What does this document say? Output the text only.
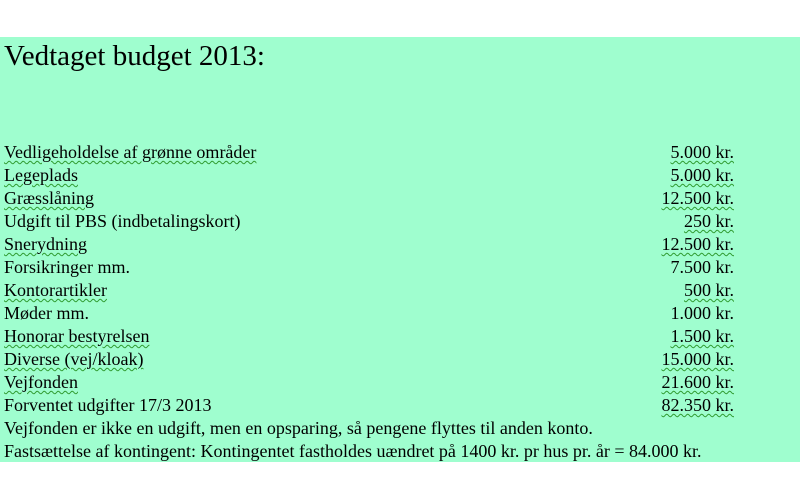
Vedtaget budget 2013:
Vedligeholdelse af grønne områder	5.000 kr.
Legeplads	5.000 kr.
Græsslåning	12.500 kr.
Udgift til PBS (indbetalingskort)	250 kr.
Snerydning	12.500 kr.
Forsikringer mm.	7.500 kr.
Kontorartikler	500 kr.
Møder mm.	1.000 kr.
Honorar bestyrelsen	1.500 kr.
Diverse (vej/kloak)	15.000 kr.
Vejfonden	21.600 kr.
Forventet udgifter 17/3 2013	82.350 kr.
Vejfonden er ikke en udgift, men en opsparing, så pengene flyttes til anden konto.
Fastsættelse af kontingent: Kontingentet fastholdes uændret på 1400 kr. pr hus pr. år = 84.000 kr.
